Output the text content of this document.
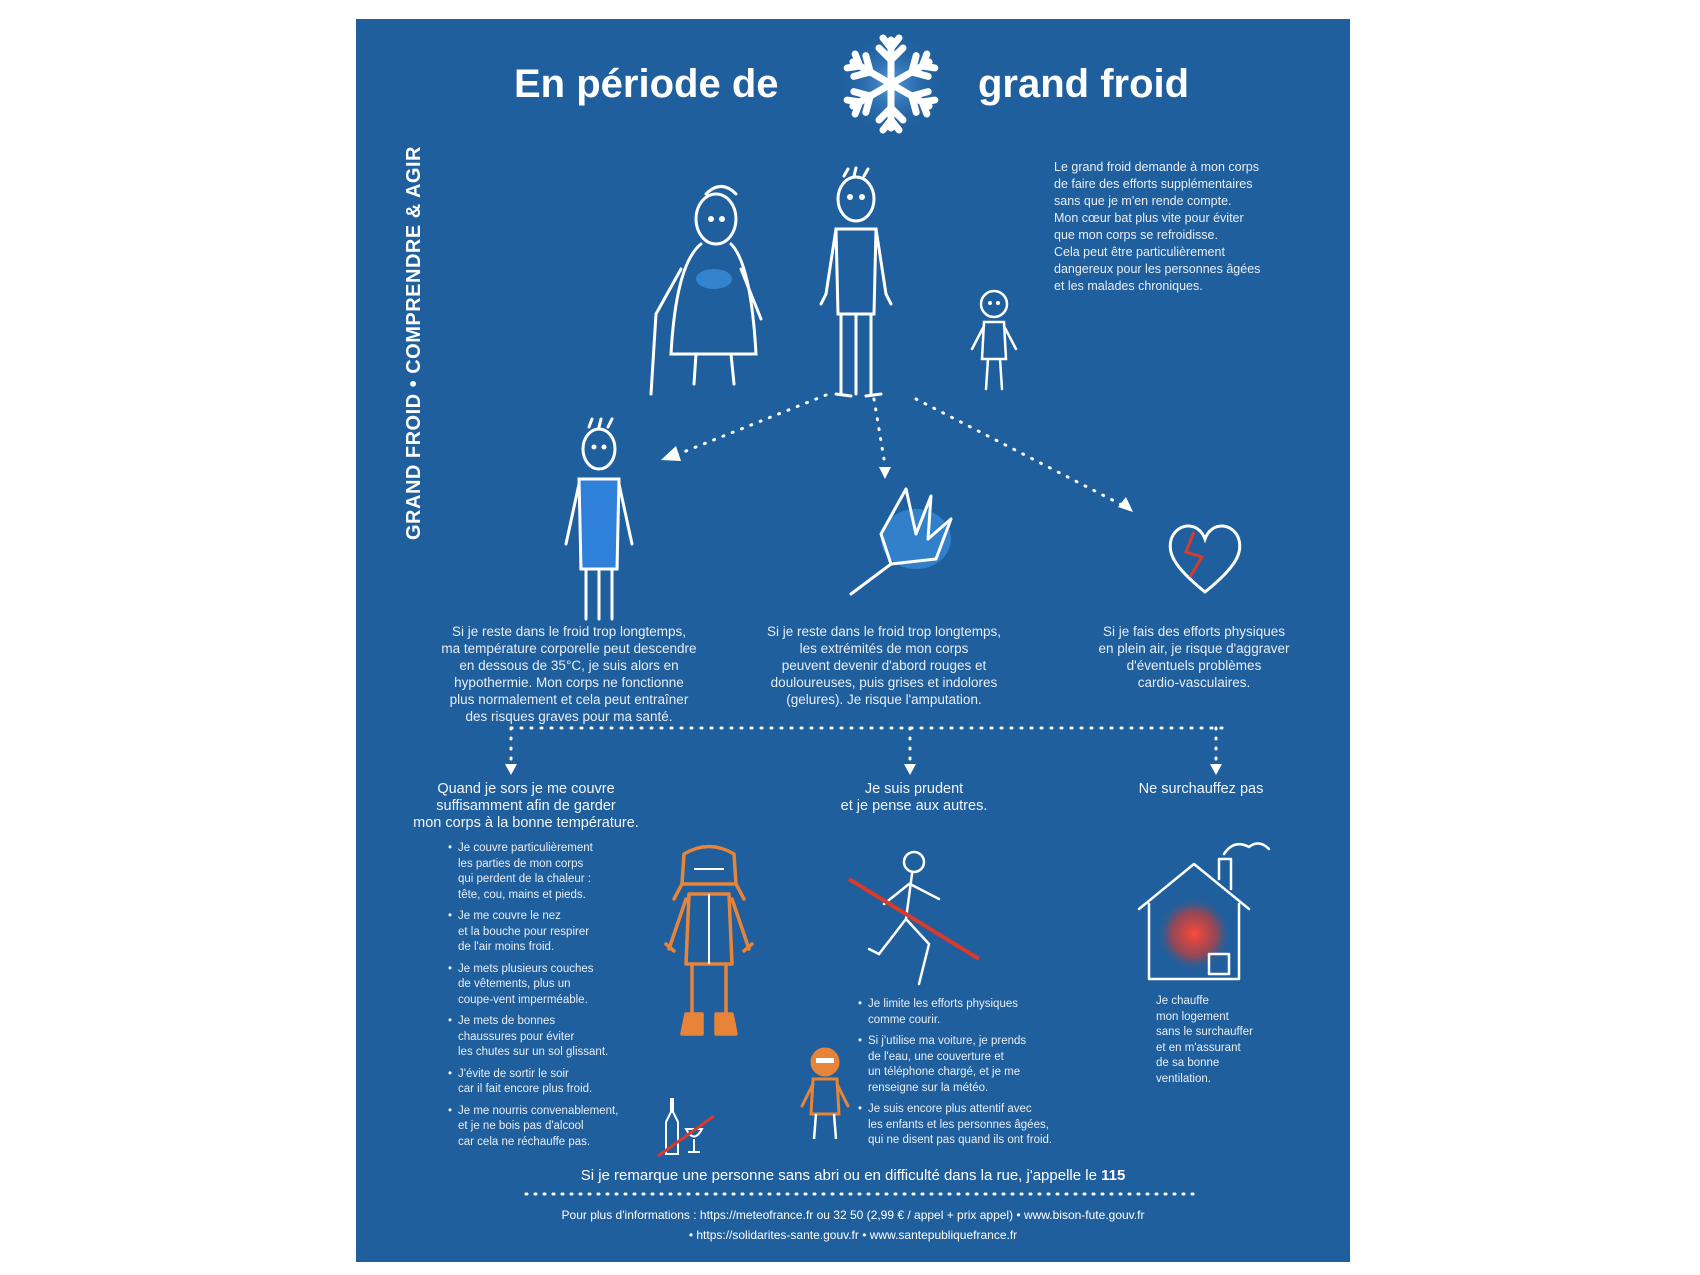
En période de	grand froid
GRAND FROID • COMPRENDRE & AGIR	Le grand froid demande à mon corps
de faire des efforts supplémentaires
sans que je m'en rende compte.
Mon cœur bat plus vite pour éviter
que mon corps se refroidisse.
Cela peut être particulièrement
dangereux pour les personnes âgées
et les malades chroniques.
Si je reste dans le froid trop longtemps,
ma température corporelle peut descendre
en dessous de 35°C, je suis alors en
hypothermie. Mon corps ne fonctionne
plus normalement et cela peut entraîner
des risques graves pour ma santé.
Si je reste dans le froid trop longtemps,
les extrémités de mon corps
peuvent devenir d'abord rouges et
douloureuses, puis grises et indolores
(gelures). Je risque l'amputation.
Si je fais des efforts physiques
en plein air, je risque d'aggraver
d'éventuels problèmes
cardio-vasculaires.
Quand je sors je me couvre
suffisamment afin de garder
mon corps à la bonne température.
• Je couvre particulièrement
les parties de mon corps
qui perdent de la chaleur :
tête, cou, mains et pieds.
• Je me couvre le nez
et la bouche pour respirer
de l'air moins froid.
• Je mets plusieurs couches
de vêtements, plus un
coupe-vent imperméable.
• Je mets de bonnes
chaussures pour éviter
les chutes sur un sol glissant.
• J'évite de sortir le soir
car il fait encore plus froid.
• Je me nourris convenablement,
et je ne bois pas d'alcool
car cela ne réchauffe pas.
Je suis prudent
et je pense aux autres.
• Je limite les efforts physiques
comme courir.
• Si j'utilise ma voiture, je prends
de l'eau, une couverture et
un téléphone chargé, et je me
renseigne sur la météo.
• Je suis encore plus attentif avec
les enfants et les personnes âgées,
qui ne disent pas quand ils ont froid.
Ne surchauffez pas
Je chauffe
mon logement
sans le surchauffer
et en m'assurant
de sa bonne
ventilation.
Si je remarque une personne sans abri ou en difficulté dans la rue, j'appelle le 115
Pour plus d'informations : https://meteofrance.fr ou 32 50 (2,99 € / appel + prix appel) • www.bison-fute.gouv.fr
• https://solidarites-sante.gouv.fr • www.santepubliquefrance.fr
